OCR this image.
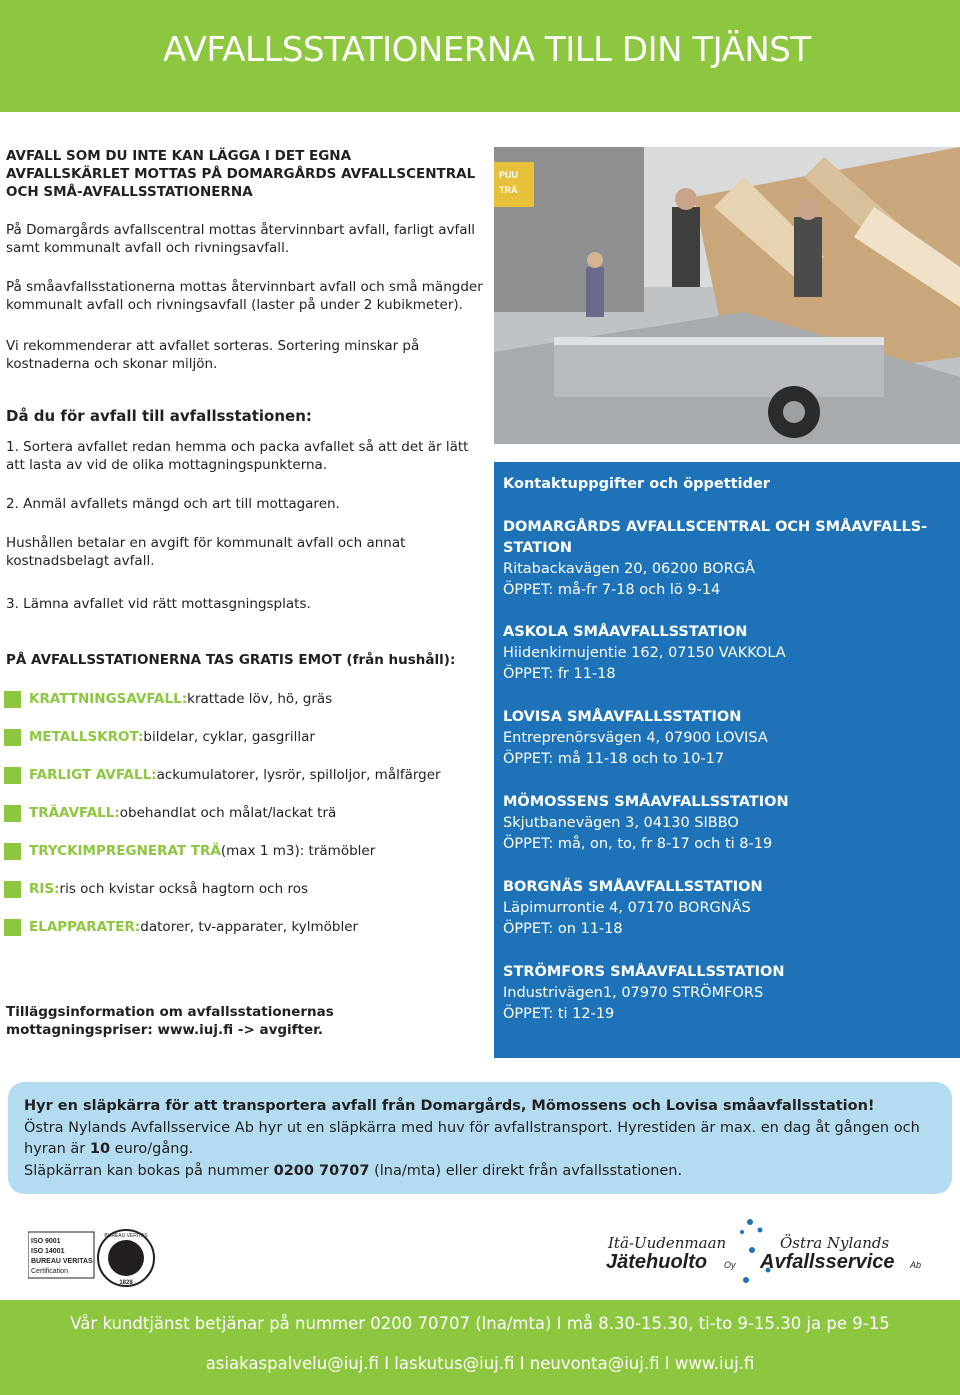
AVFALLSSTATIONERNA TILL DIN TJÄNST
AVFALL SOM DU INTE KAN LÄGGA I DET EGNA AVFALLSKÄRLET MOTTAS PÅ DOMARGÅRDS AVFALLSCENTRAL OCH SMÅ-AVFALLSSTATIONERNA
På Domargårds avfallscentral mottas återvinnbart avfall, farligt avfall samt kommunalt avfall och rivningsavfall.
På småavfallsstationerna mottas återvinnbart avfall och små mängder kommunalt avfall och rivningsavfall (laster på under 2 kubikmeter).
Vi rekommenderar att avfallet sorteras. Sortering minskar på kostnaderna och skonar miljön.
Då du för avfall till avfallsstationen:
1. Sortera avfallet redan hemma och packa avfallet så att det är lätt att lasta av vid de olika mottagningspunkterna.
2. Anmäl avfallets mängd och art till mottagaren.
Hushållen betalar en avgift för kommunalt avfall och annat kostnadsbelagt avfall.
3. Lämna avfallet vid rätt mottasgningsplats.
PÅ AVFALLSSTATIONERNA TAS GRATIS EMOT (från hushåll):
KRATTNINGSAVFALL: krattade löv, hö, gräs
METALLSKROT: bildelar, cyklar, gasgrillar
FARLIGT AVFALL: ackumulatorer, lysrör, spilloljor, målfärger
TRÄAVFALL: obehandlat och målat/lackat trä
TRYCKIMPREGNERAT TRÄ (max 1 m3): trämöbler
RIS: ris och kvistar också hagtorn och ros
ELAPPARATER: datorer, tv-apparater, kylmöbler
Tilläggsinformation om avfallsstationernas mottagningspriser: www.iuj.fi -> avgifter.
PUU
TRÄ
Kontaktuppgifter och öppettider
DOMARGÅRDS AVFALLSCENTRAL OCH SMÅAVFALLS-STATION
Ritabackavägen 20, 06200 BORGÅ
ÖPPET: må-fr 7-18 och lö 9-14
ASKOLA SMÅAVFALLSSTATION
Hiidenkirnujentie 162, 07150 VAKKOLA
ÖPPET: fr 11-18
LOVISA SMÅAVFALLSSTATION
Entreprenörsvägen 4, 07900 LOVISA
ÖPPET: må 11-18 och to 10-17
MÖMOSSENS SMÅAVFALLSSTATION
Skjutbanevägen 3, 04130 SIBBO
ÖPPET: må, on, to, fr 8-17 och ti 8-19
BORGNÄS SMÅAVFALLSSTATION
Läpimurrontie 4, 07170 BORGNÄS
ÖPPET: on 11-18
STRÖMFORS SMÅAVFALLSSTATION
Industrivägen1, 07970 STRÖMFORS
ÖPPET: ti 12-19
Hyr en släpkärra för att transportera avfall från Domargårds, Mömossens och Lovisa småavfallsstation!
Östra Nylands Avfallsservice Ab hyr ut en släpkärra med huv för avfallstransport. Hyrestiden är max. en dag åt gången och hyran är 10 euro/gång.
Släpkärran kan bokas på nummer 0200 70707 (lna/mta) eller direkt från avfallsstationen.
ISO 9001
ISO 14001
BUREAU VERITAS
Certification
BUREAU VERITAS
1828
Itä-Uudenmaan
Jätehuolto Oy
Östra Nylands
Avfallsservice Ab
Vår kundtjänst betjänar på nummer 0200 70707 (lna/mta) I må 8.30-15.30, ti-to 9-15.30 ja pe 9-15
asiakaspalvelu@iuj.fi I laskutus@iuj.fi I neuvonta@iuj.fi I www.iuj.fi
